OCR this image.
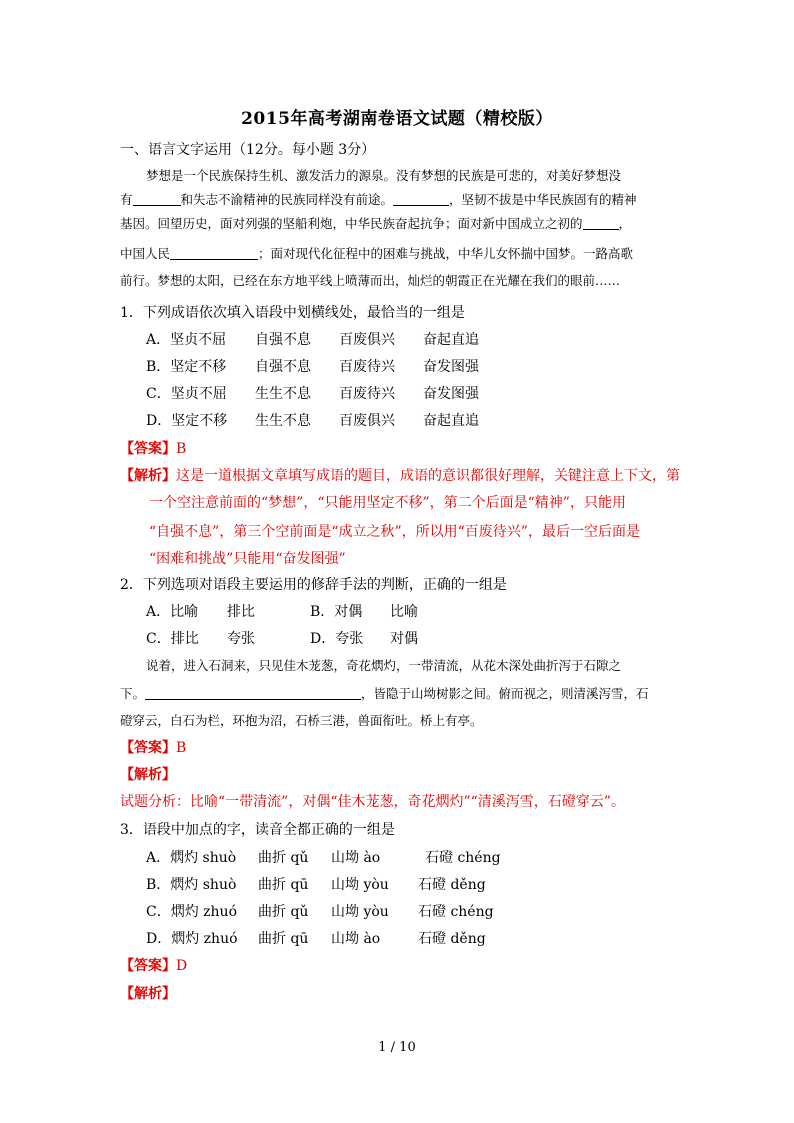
2015年高考湖南卷语文试题（精校版）
一、语言文字运用（12分。每小题 3分）
梦想是一个民族保持生机、激发活力的源泉。没有梦想的民族是可悲的，对美好梦想没
有	和失志不渝精神的民族同样没有前途。	，坚韧不拔是中华民族固有的精神
基因。回望历史，面对列强的坚船利炮，中华民族奋起抗争；面对新中国成立之初的	，
中国人民	；面对现代化征程中的困难与挑战，中华儿女怀揣中国梦。一路高歌
前行。梦想的太阳，已经在东方地平线上喷薄而出，灿烂的朝霞正在光耀在我们的眼前……
1．下列成语依次填入语段中划横线处，最恰当的一组是
A．坚贞不屈 自强不息 百废俱兴 奋起直追
B．坚定不移 自强不息 百废待兴 奋发图强
C．坚贞不屈 生生不息 百废待兴 奋发图强
D．坚定不移 生生不息 百废俱兴 奋起直追
【答案】B
【解析】这是一道根据文章填写成语的题目，成语的意识都很好理解，关键注意上下文，第
一个空注意前面的“梦想”，“只能用坚定不移”，第二个后面是“精神”，只能用
“自强不息”，第三个空前面是“成立之秋”，所以用“百废待兴”，最后一空后面是
“困难和挑战”只能用“奋发图强”
2．下列选项对语段主要运用的修辞手法的判断，正确的一组是
A．比喻 排比	B．对偶 比喻
C．排比 夸张	D．夸张 对偶
说着，进入石洞来，只见佳木茏葱，奇花熌灼，一带清流，从花木深处曲折泻于石隙之
下。	，皆隐于山坳树影之间。俯而视之，则清溪泻雪，石
磴穿云，白石为栏，环抱为沼，石桥三港，兽面衔吐。桥上有亭。
【答案】B
【解析】
试题分析：比喻“一带清流”，对偶“佳木茏葱，奇花熌灼”“清溪泻雪，石磴穿云”。
3．语段中加点的字，读音全都正确的一组是
A．熌灼 shuò 曲折 qǔ 山坳 ào	石磴 chéng
B．熌灼 shuò 曲折 qū 山坳 yòu 石磴 děng
C．熌灼 zhuó 曲折 qǔ 山坳 yòu 石磴 chéng
D．熌灼 zhuó 曲折 qū 山坳 ào	石磴 děng
【答案】D
【解析】
1 / 10
